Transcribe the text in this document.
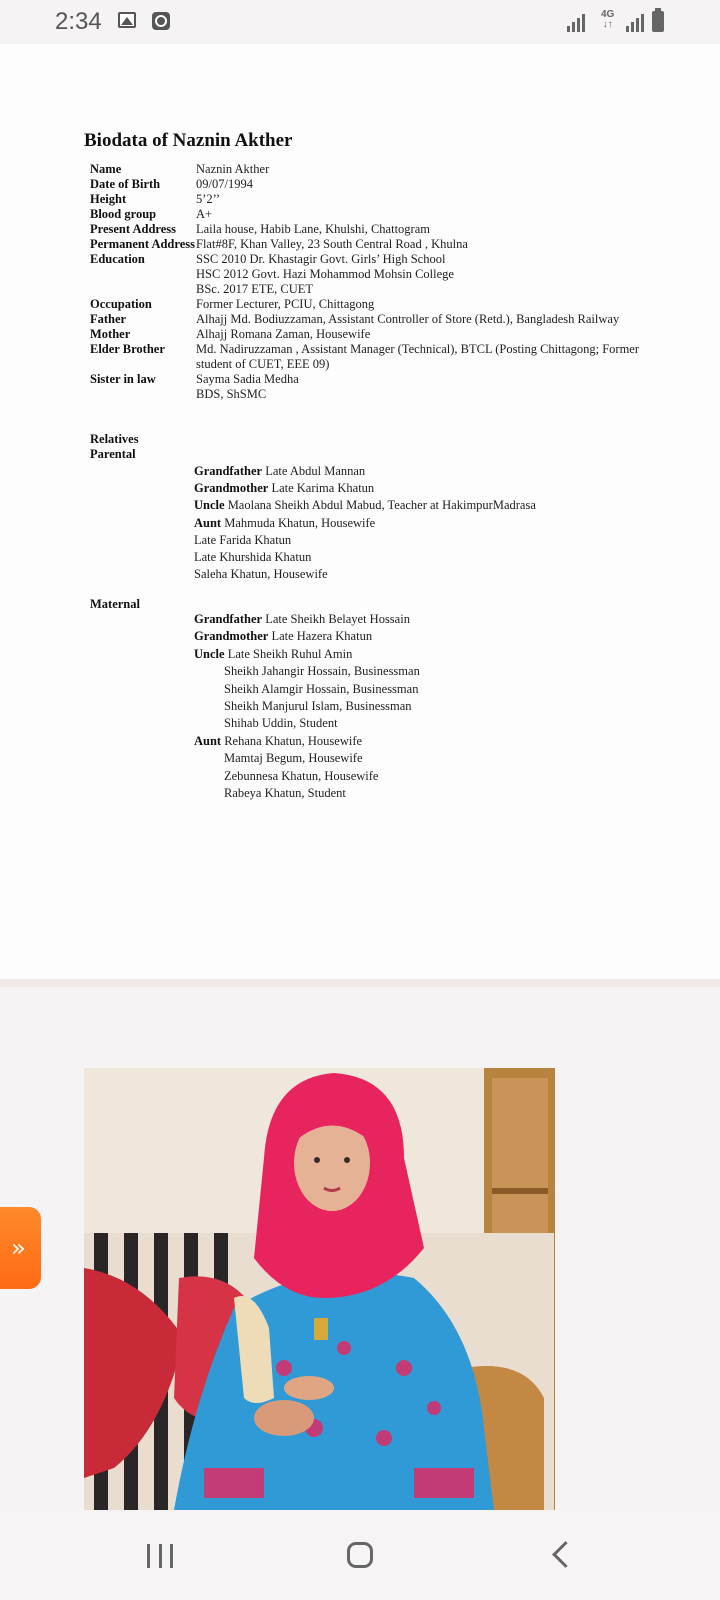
2:34	4G
↓↑
Biodata of Naznin Akther
Name	Naznin Akther
Date of Birth	09/07/1994
Height	5’2’’
Blood group	A+
Present Address	Laila house, Habib Lane, Khulshi, Chattogram
Permanent Address Flat#8F, Khan Valley, 23 South Central Road , Khulna
Education	SSC 2010 Dr. Khastagir Govt. Girls’ High School
HSC 2012 Govt. Hazi Mohammod Mohsin College
BSc. 2017 ETE, CUET
Occupation	Former Lecturer, PCIU, Chittagong
Father	Alhajj Md. Bodiuzzaman, Assistant Controller of Store (Retd.), Bangladesh Railway
Mother	Alhajj Romana Zaman, Housewife
Elder Brother	Md. Nadiruzzaman , Assistant Manager (Technical), BTCL (Posting Chittagong; Former student of CUET, EEE 09)
Sister in law	Sayma Sadia Medha
BDS, ShSMC
Relatives
Parental
Grandfather Late Abdul Mannan
Grandmother Late Karima Khatun
Uncle Maolana Sheikh Abdul Mabud, Teacher at HakimpurMadrasa
Aunt Mahmuda Khatun, Housewife
Late Farida Khatun
Late Khurshida Khatun
Saleha Khatun, Housewife
Maternal
Grandfather Late Sheikh Belayet Hossain
Grandmother Late Hazera Khatun
Uncle Late Sheikh Ruhul Amin
Sheikh Jahangir Hossain, Businessman
Sheikh Alamgir Hossain, Businessman
Sheikh Manjurul Islam, Businessman
Shihab Uddin, Student
Aunt Rehana Khatun, Housewife
Mamtaj Begum, Housewife
Zebunnesa Khatun, Housewife
Rabeya Khatun, Student
»
